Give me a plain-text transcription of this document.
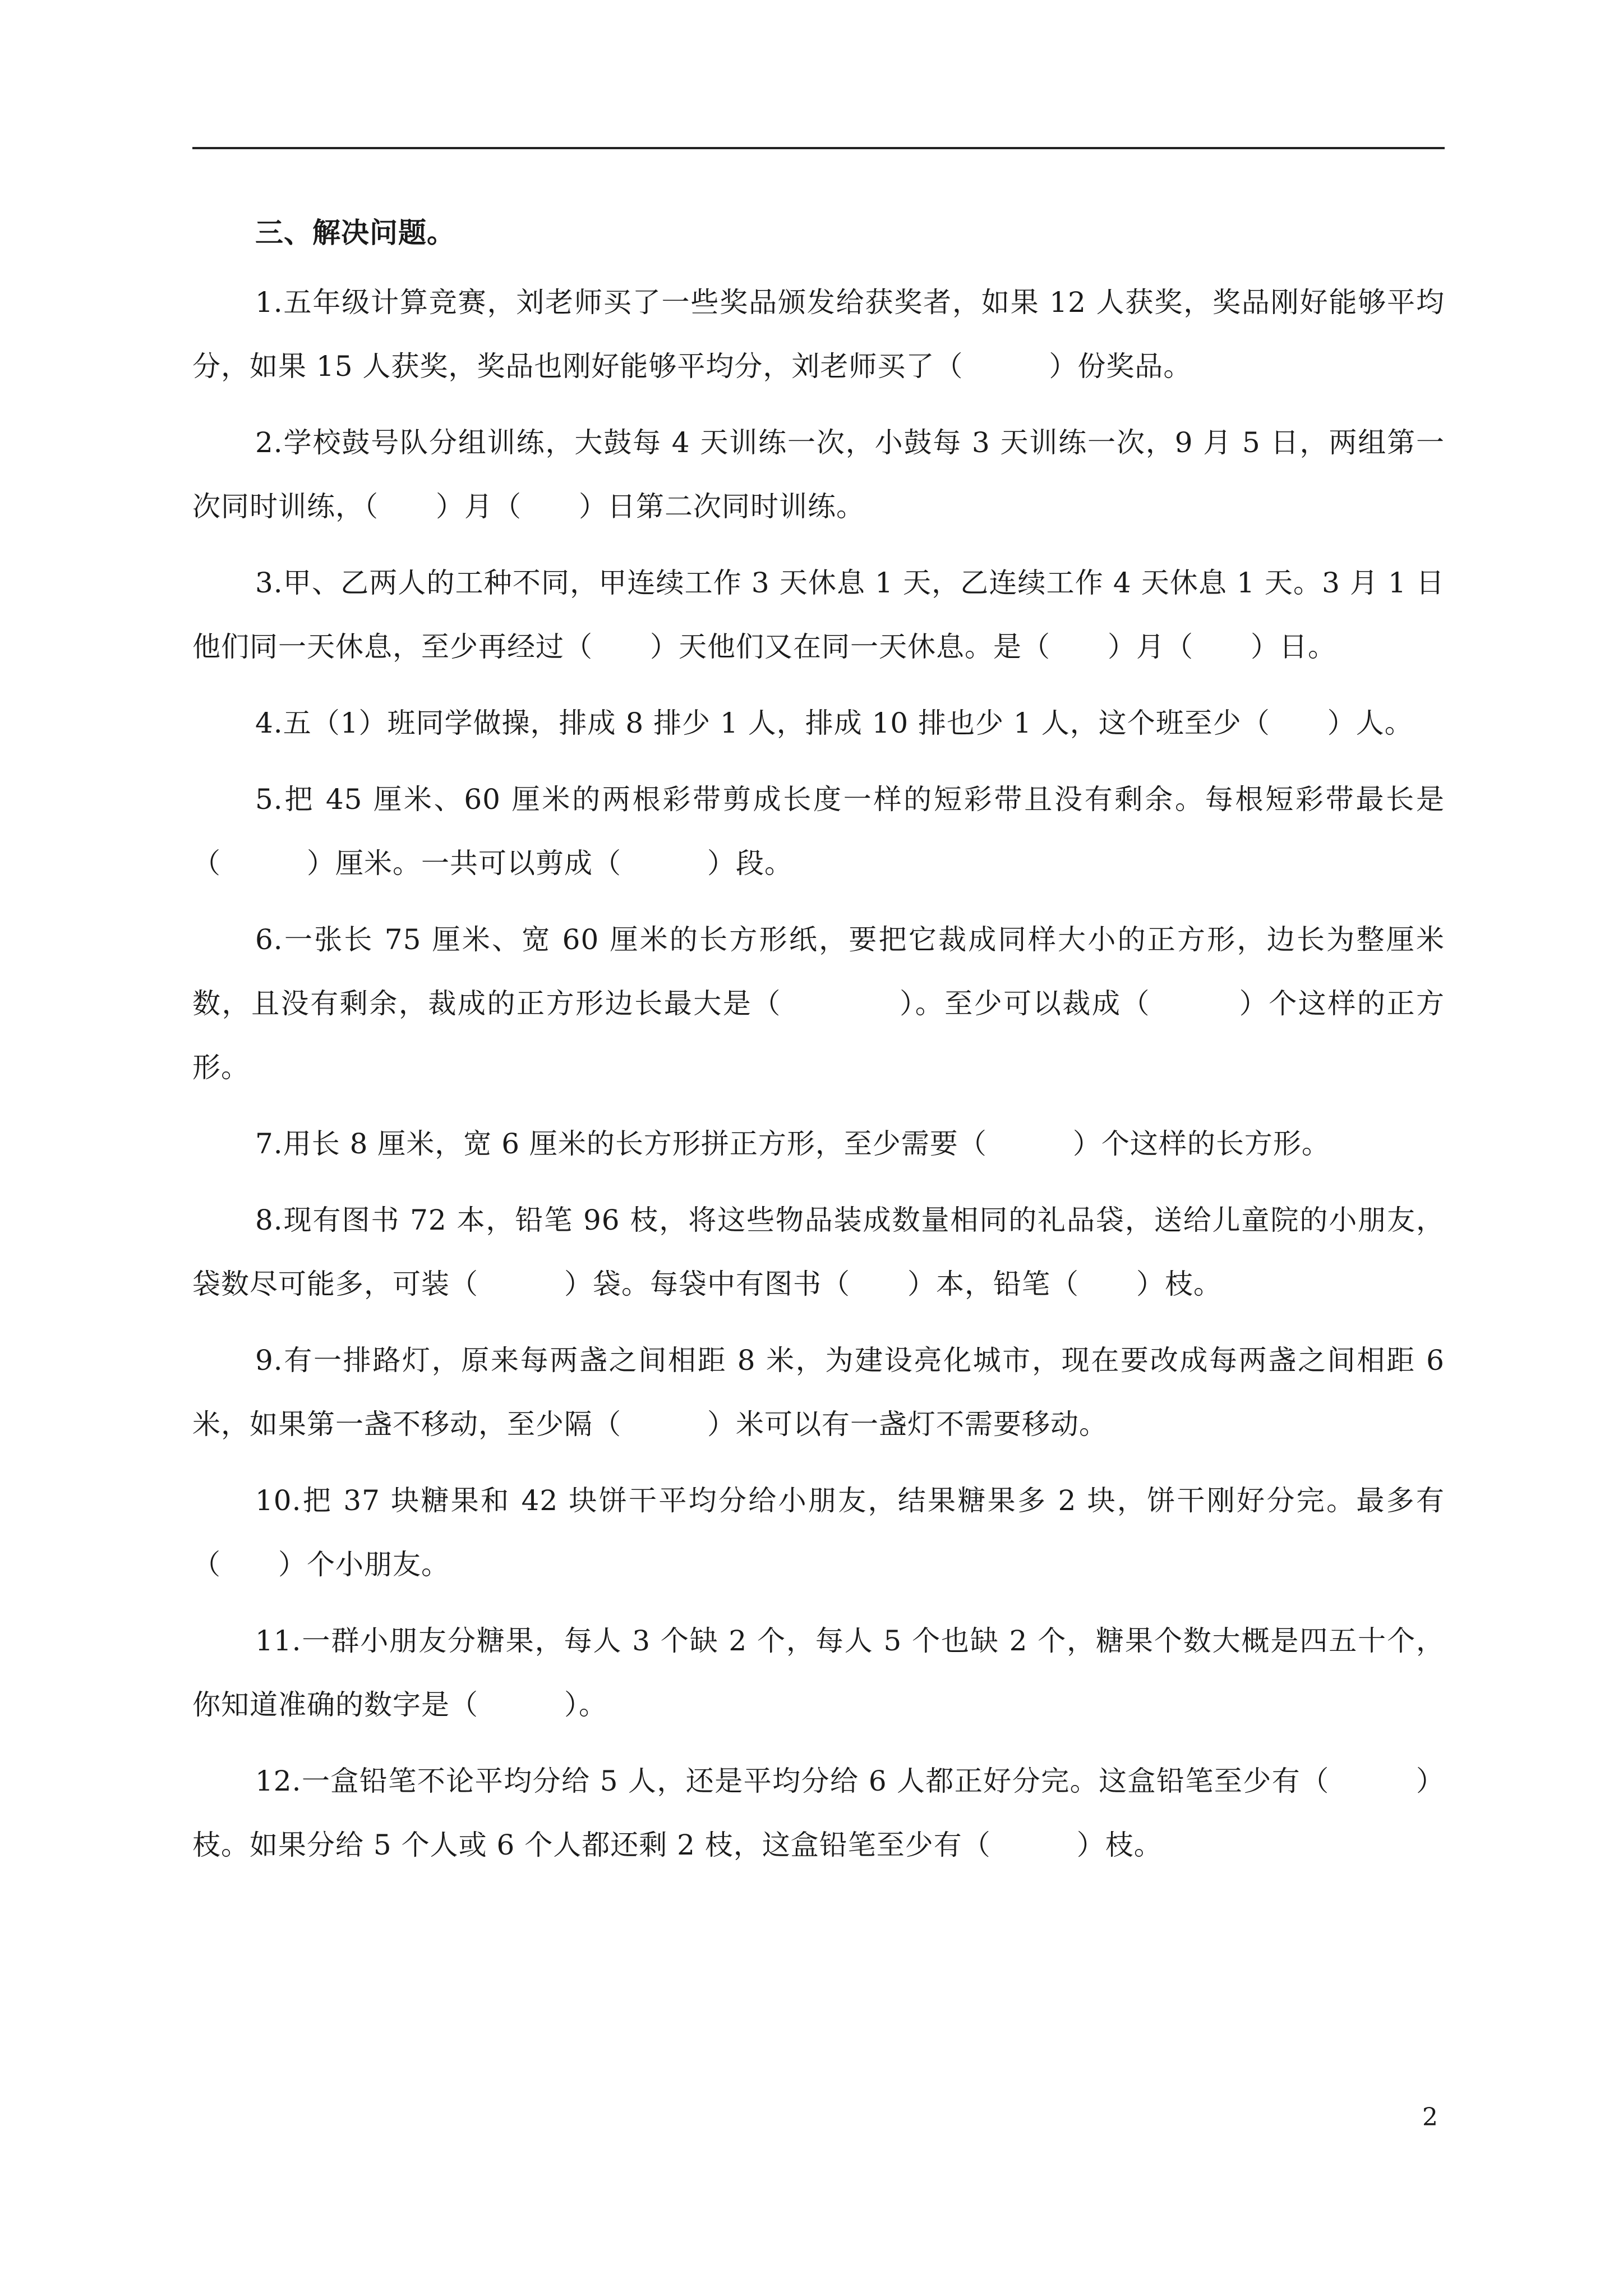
三、解决问题。

1.五年级计算竞赛，刘老师买了一些奖品颁发给获奖者，如果 12 人获奖，奖品刚好能够平均分，如果 15 人获奖，奖品也刚好能够平均分，刘老师买了（　　　）份奖品。

2.学校鼓号队分组训练，大鼓每 4 天训练一次，小鼓每 3 天训练一次，9 月 5 日，两组第一次同时训练，（　　）月（　　）日第二次同时训练。

3.甲、乙两人的工种不同，甲连续工作 3 天休息 1 天，乙连续工作 4 天休息 1 天。3 月 1 日他们同一天休息，至少再经过（　　）天他们又在同一天休息。是（　　）月（　　）日。

4.五（1）班同学做操，排成 8 排少 1 人，排成 10 排也少 1 人，这个班至少（　　）人。

5.把 45 厘米、60 厘米的两根彩带剪成长度一样的短彩带且没有剩余。每根短彩带最长是（　　　）厘米。一共可以剪成（　　　）段。

6.一张长 75 厘米、宽 60 厘米的长方形纸，要把它裁成同样大小的正方形，边长为整厘米数，且没有剩余，裁成的正方形边长最大是（　　　　）。至少可以裁成（　　　）个这样的正方形。

7.用长 8 厘米，宽 6 厘米的长方形拼正方形，至少需要（　　　）个这样的长方形。

8.现有图书 72 本，铅笔 96 枝，将这些物品装成数量相同的礼品袋，送给儿童院的小朋友，袋数尽可能多，可装（　　　）袋。每袋中有图书（　　）本，铅笔（　　）枝。

9.有一排路灯，原来每两盏之间相距 8 米，为建设亮化城市，现在要改成每两盏之间相距 6 米，如果第一盏不移动，至少隔（　　　）米可以有一盏灯不需要移动。

10.把 37 块糖果和 42 块饼干平均分给小朋友，结果糖果多 2 块，饼干刚好分完。最多有（　　）个小朋友。

11.一群小朋友分糖果，每人 3 个缺 2 个，每人 5 个也缺 2 个，糖果个数大概是四五十个，你知道准确的数字是（　　　）。

12.一盒铅笔不论平均分给 5 人，还是平均分给 6 人都正好分完。这盒铅笔至少有（　　　）枝。如果分给 5 个人或 6 个人都还剩 2 枝，这盒铅笔至少有（　　　）枝。

2
